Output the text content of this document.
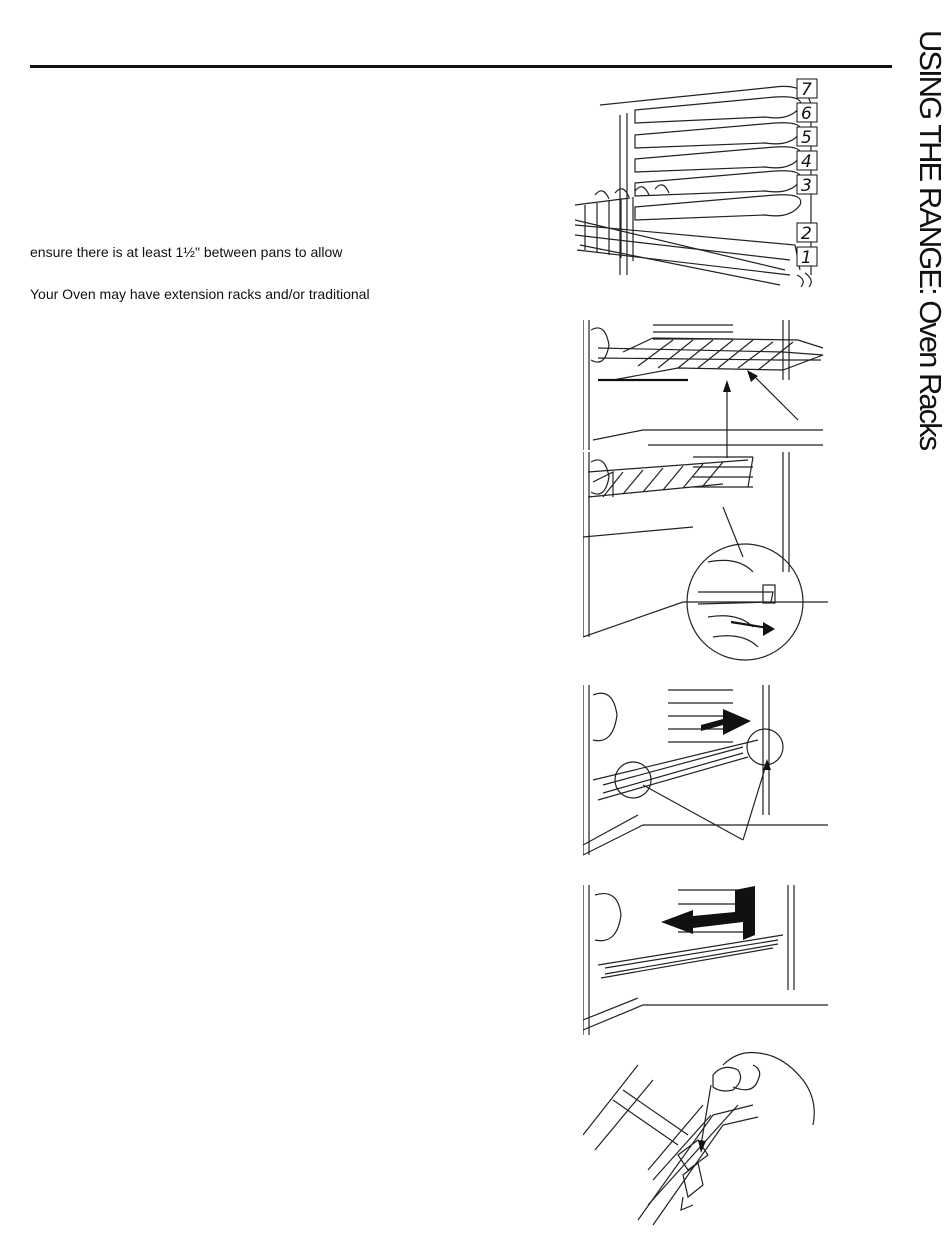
USING THE RANGE: Oven Racks
ensure there is at least 1½" between pans to allow
Your Oven may have extension racks and/or traditional
7
6
5
4
3
2
1
